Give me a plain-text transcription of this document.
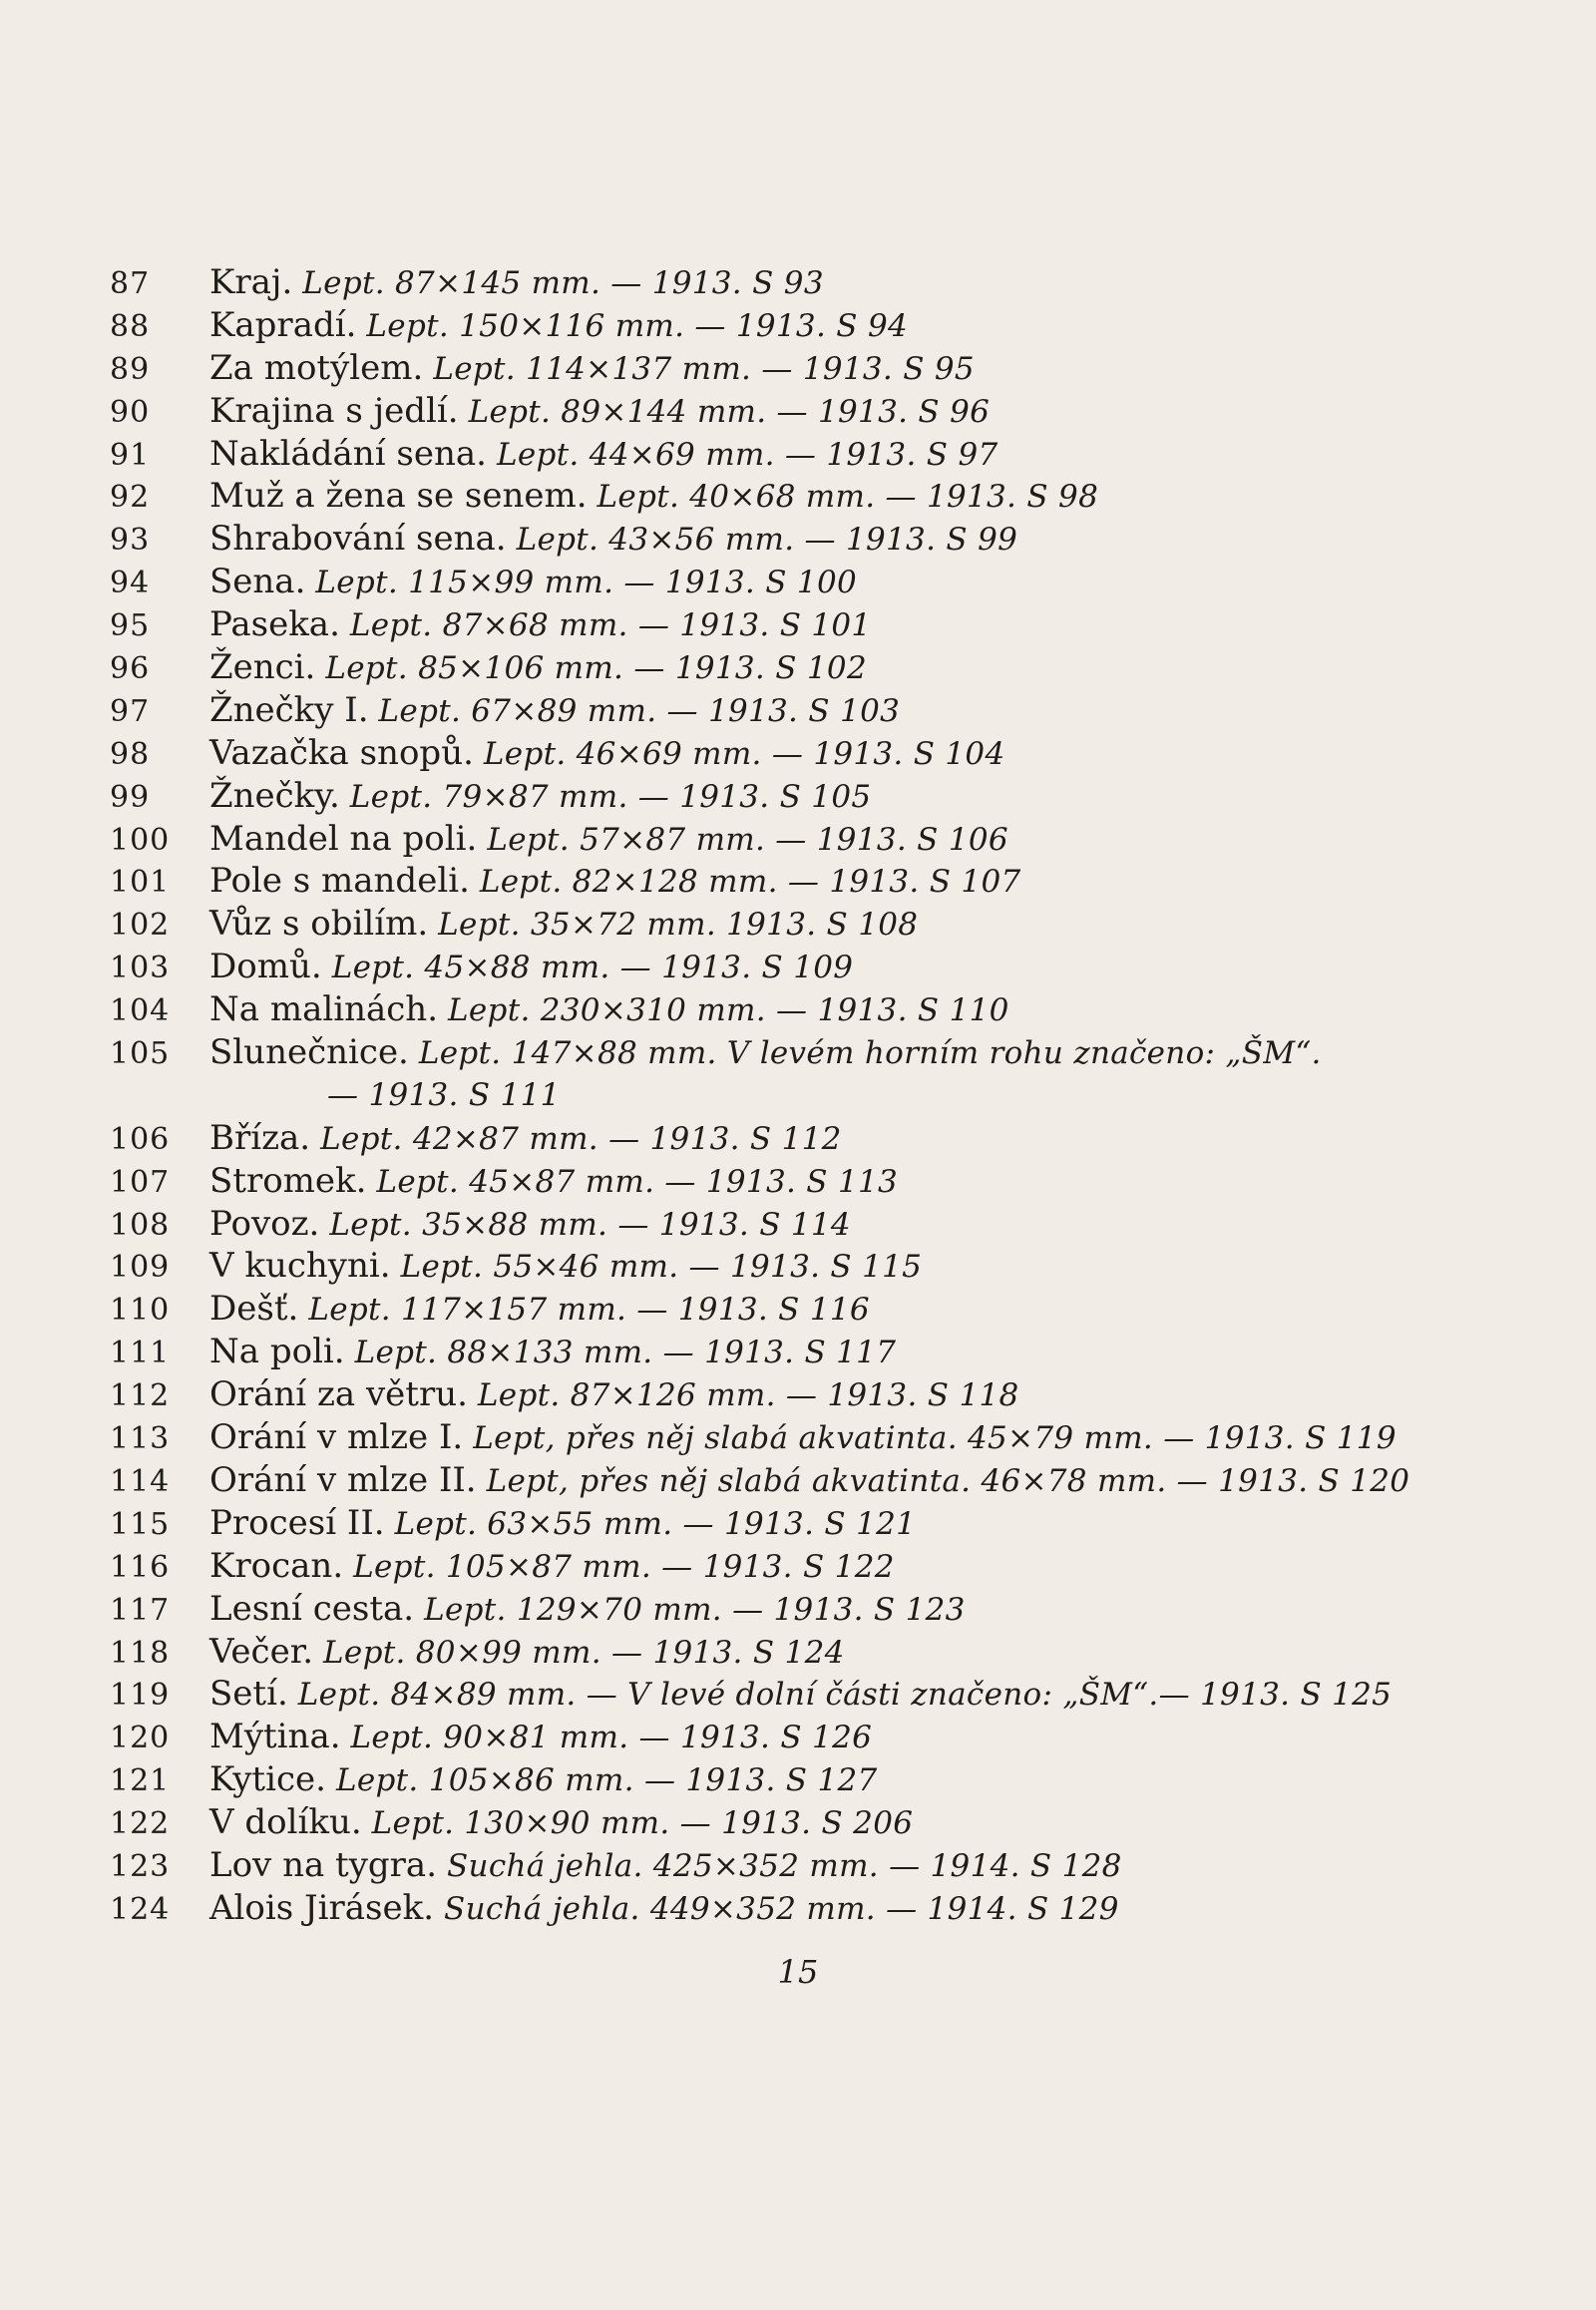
87	Kraj. Lept. 87×145 mm. — 1913. S 93
88	Kapradí. Lept. 150×116 mm. — 1913. S 94
89	Za motýlem. Lept. 114×137 mm. — 1913. S 95
90	Krajina s jedlí. Lept. 89×144 mm. — 1913. S 96
91	Nakládání sena. Lept. 44×69 mm. — 1913. S 97
92	Muž a žena se senem. Lept. 40×68 mm. — 1913. S 98
93	Shrabování sena. Lept. 43×56 mm. — 1913. S 99
94	Sena. Lept. 115×99 mm. — 1913. S 100
95	Paseka. Lept. 87×68 mm. — 1913. S 101
96	Ženci. Lept. 85×106 mm. — 1913. S 102
97	Žnečky I. Lept. 67×89 mm. — 1913. S 103
98	Vazačka snopů. Lept. 46×69 mm. — 1913. S 104
99	Žnečky. Lept. 79×87 mm. — 1913. S 105
100	Mandel na poli. Lept. 57×87 mm. — 1913. S 106
101	Pole s mandeli. Lept. 82×128 mm. — 1913. S 107
102	Vůz s obilím. Lept. 35×72 mm. 1913. S 108
103	Domů. Lept. 45×88 mm. — 1913. S 109
104	Na malinách. Lept. 230×310 mm. — 1913. S 110
105	Slunečnice. Lept. 147×88 mm. V levém horním rohu značeno: „ŠM“.
— 1913. S 111
106	Bříza. Lept. 42×87 mm. — 1913. S 112
107	Stromek. Lept. 45×87 mm. — 1913. S 113
108	Povoz. Lept. 35×88 mm. — 1913. S 114
109	V kuchyni. Lept. 55×46 mm. — 1913. S 115
110	Dešť. Lept. 117×157 mm. — 1913. S 116
111	Na poli. Lept. 88×133 mm. — 1913. S 117
112	Orání za větru. Lept. 87×126 mm. — 1913. S 118
113	Orání v mlze I. Lept, přes něj slabá akvatinta. 45×79 mm. — 1913. S 119
114	Orání v mlze II. Lept, přes něj slabá akvatinta. 46×78 mm. — 1913. S 120
115	Procesí II. Lept. 63×55 mm. — 1913. S 121
116	Krocan. Lept. 105×87 mm. — 1913. S 122
117	Lesní cesta. Lept. 129×70 mm. — 1913. S 123
118	Večer. Lept. 80×99 mm. — 1913. S 124
119	Setí. Lept. 84×89 mm. — V levé dolní části značeno: „ŠM“.— 1913. S 125
120	Mýtina. Lept. 90×81 mm. — 1913. S 126
121	Kytice. Lept. 105×86 mm. — 1913. S 127
122	V dolíku. Lept. 130×90 mm. — 1913. S 206
123	Lov na tygra. Suchá jehla. 425×352 mm. — 1914. S 128
124	Alois Jirásek. Suchá jehla. 449×352 mm. — 1914. S 129
15
